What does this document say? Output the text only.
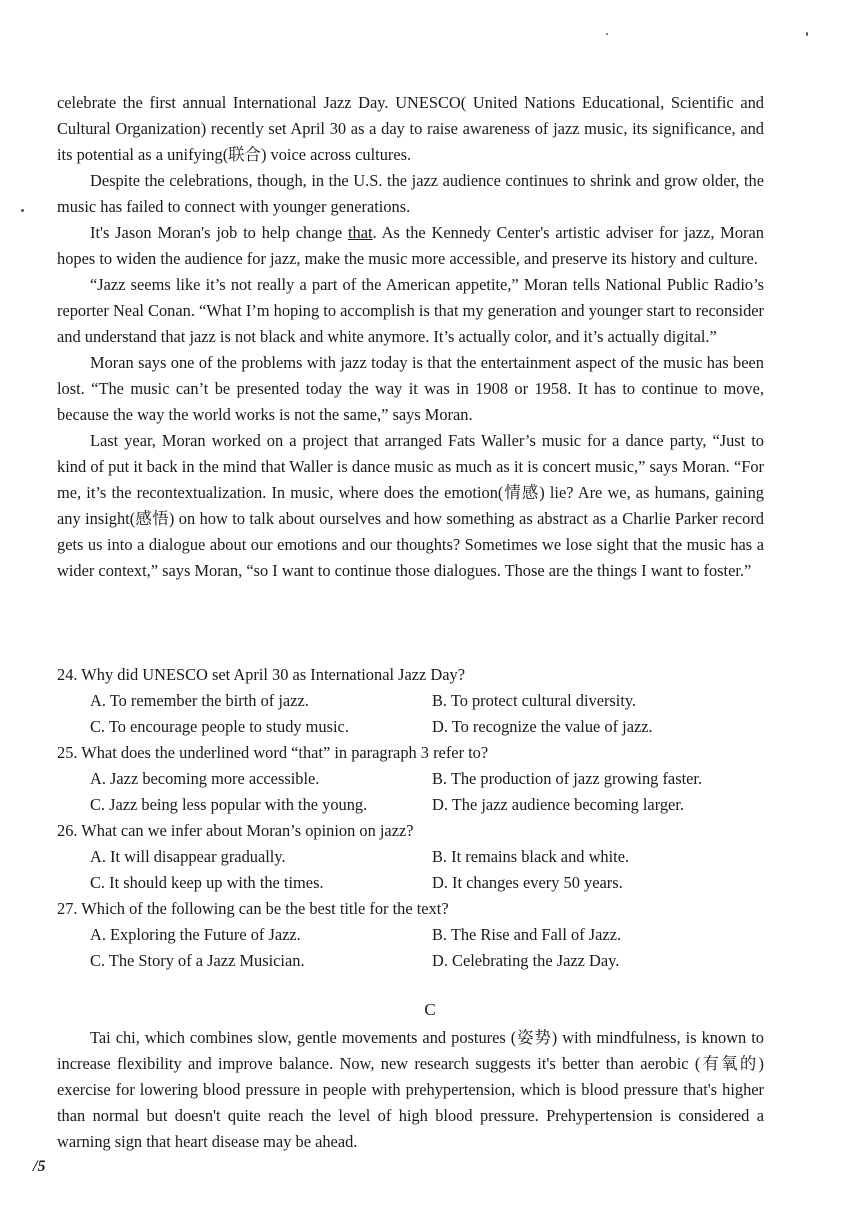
celebrate the first annual International Jazz Day. UNESCO( United Nations Educational, Scientific and Cultural Organization) recently set April 30 as a day to raise awareness of jazz music, its significance, and its potential as a unifying(联合) voice across cultures.

Despite the celebrations, though, in the U.S. the jazz audience continues to shrink and grow older, the music has failed to connect with younger generations.

It's Jason Moran's job to help change that. As the Kennedy Center's artistic adviser for jazz, Moran hopes to widen the audience for jazz, make the music more accessible, and preserve its history and culture.

“Jazz seems like it’s not really a part of the American appetite,” Moran tells National Public Radio’s reporter Neal Conan. “What I’m hoping to accomplish is that my generation and younger start to reconsider and understand that jazz is not black and white anymore. It’s actually color, and it’s actually digital.”

Moran says one of the problems with jazz today is that the entertainment aspect of the music has been lost. “The music can’t be presented today the way it was in 1908 or 1958. It has to continue to move, because the way the world works is not the same,” says Moran.

Last year, Moran worked on a project that arranged Fats Waller’s music for a dance party, “Just to kind of put it back in the mind that Waller is dance music as much as it is concert music,” says Moran. “For me, it’s the recontextualization. In music, where does the emotion(情感) lie? Are we, as humans, gaining any insight(感悟) on how to talk about ourselves and how something as abstract as a Charlie Parker record gets us into a dialogue about our emotions and our thoughts? Sometimes we lose sight that the music has a wider context,” says Moran, “so I want to continue those dialogues. Those are the things I want to foster.”

24. Why did UNESCO set April 30 as International Jazz Day?

A. To remember the birth of jazz.	B. To protect cultural diversity.

C. To encourage people to study music.	D. To recognize the value of jazz.

25. What does the underlined word “that” in paragraph 3 refer to?

A. Jazz becoming more accessible.	B. The production of jazz growing faster.

C. Jazz being less popular with the young.	D. The jazz audience becoming larger.

26. What can we infer about Moran’s opinion on jazz?

A. It will disappear gradually.	B. It remains black and white.

C. It should keep up with the times.	D. It changes every 50 years.

27. Which of the following can be the best title for the text?

A. Exploring the Future of Jazz.	B. The Rise and Fall of Jazz.

C. The Story of a Jazz Musician.	D. Celebrating the Jazz Day.

C

Tai chi, which combines slow, gentle movements and postures (姿势) with mindfulness, is known to increase flexibility and improve balance. Now, new research suggests it's better than aerobic (有氧的) exercise for lowering blood pressure in people with prehypertension, which is blood pressure that's higher than normal but doesn't quite reach the level of high blood pressure. Prehypertension is considered a warning sign that heart disease may be ahead.

/5
